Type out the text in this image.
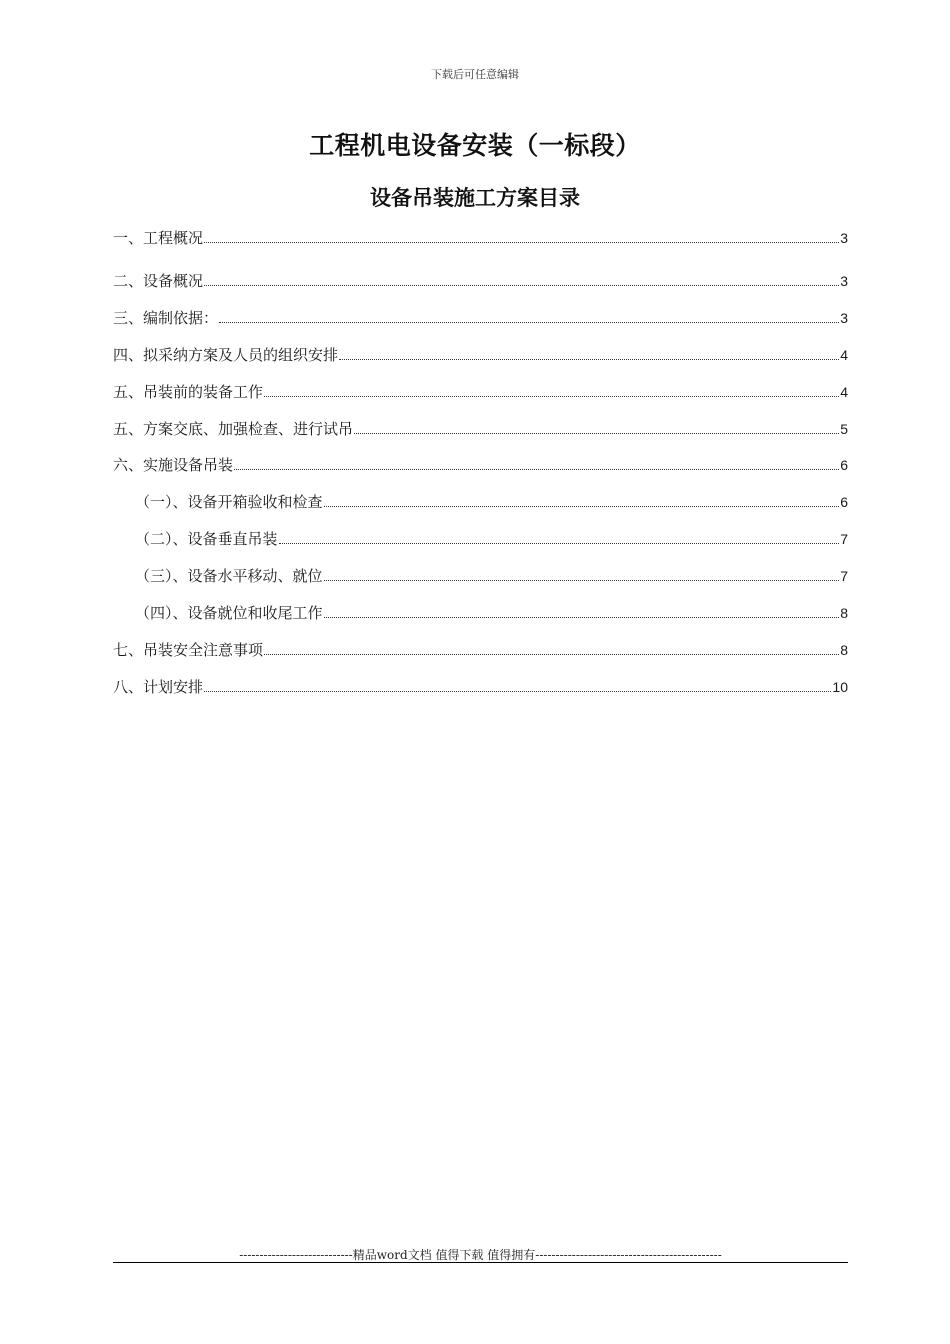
下载后可任意编辑
工程机电设备安装（一标段）
设备吊装施工方案目录
一、工程概况	3
二、设备概况	3
三、编制依据：	3
四、拟采纳方案及人员的组织安排	4
五、吊装前的装备工作	4
五、方案交底、加强检查、进行试吊	5
六、实施设备吊装	6
（一）、设备开箱验收和检查	6
（二）、设备垂直吊装	7
（三）、设备水平移动、就位	7
（四）、设备就位和收尾工作	8
七、吊装安全注意事项	8
八、计划安排	10
----------------------------精品word文档 值得下载 值得拥有----------------------------------------------
